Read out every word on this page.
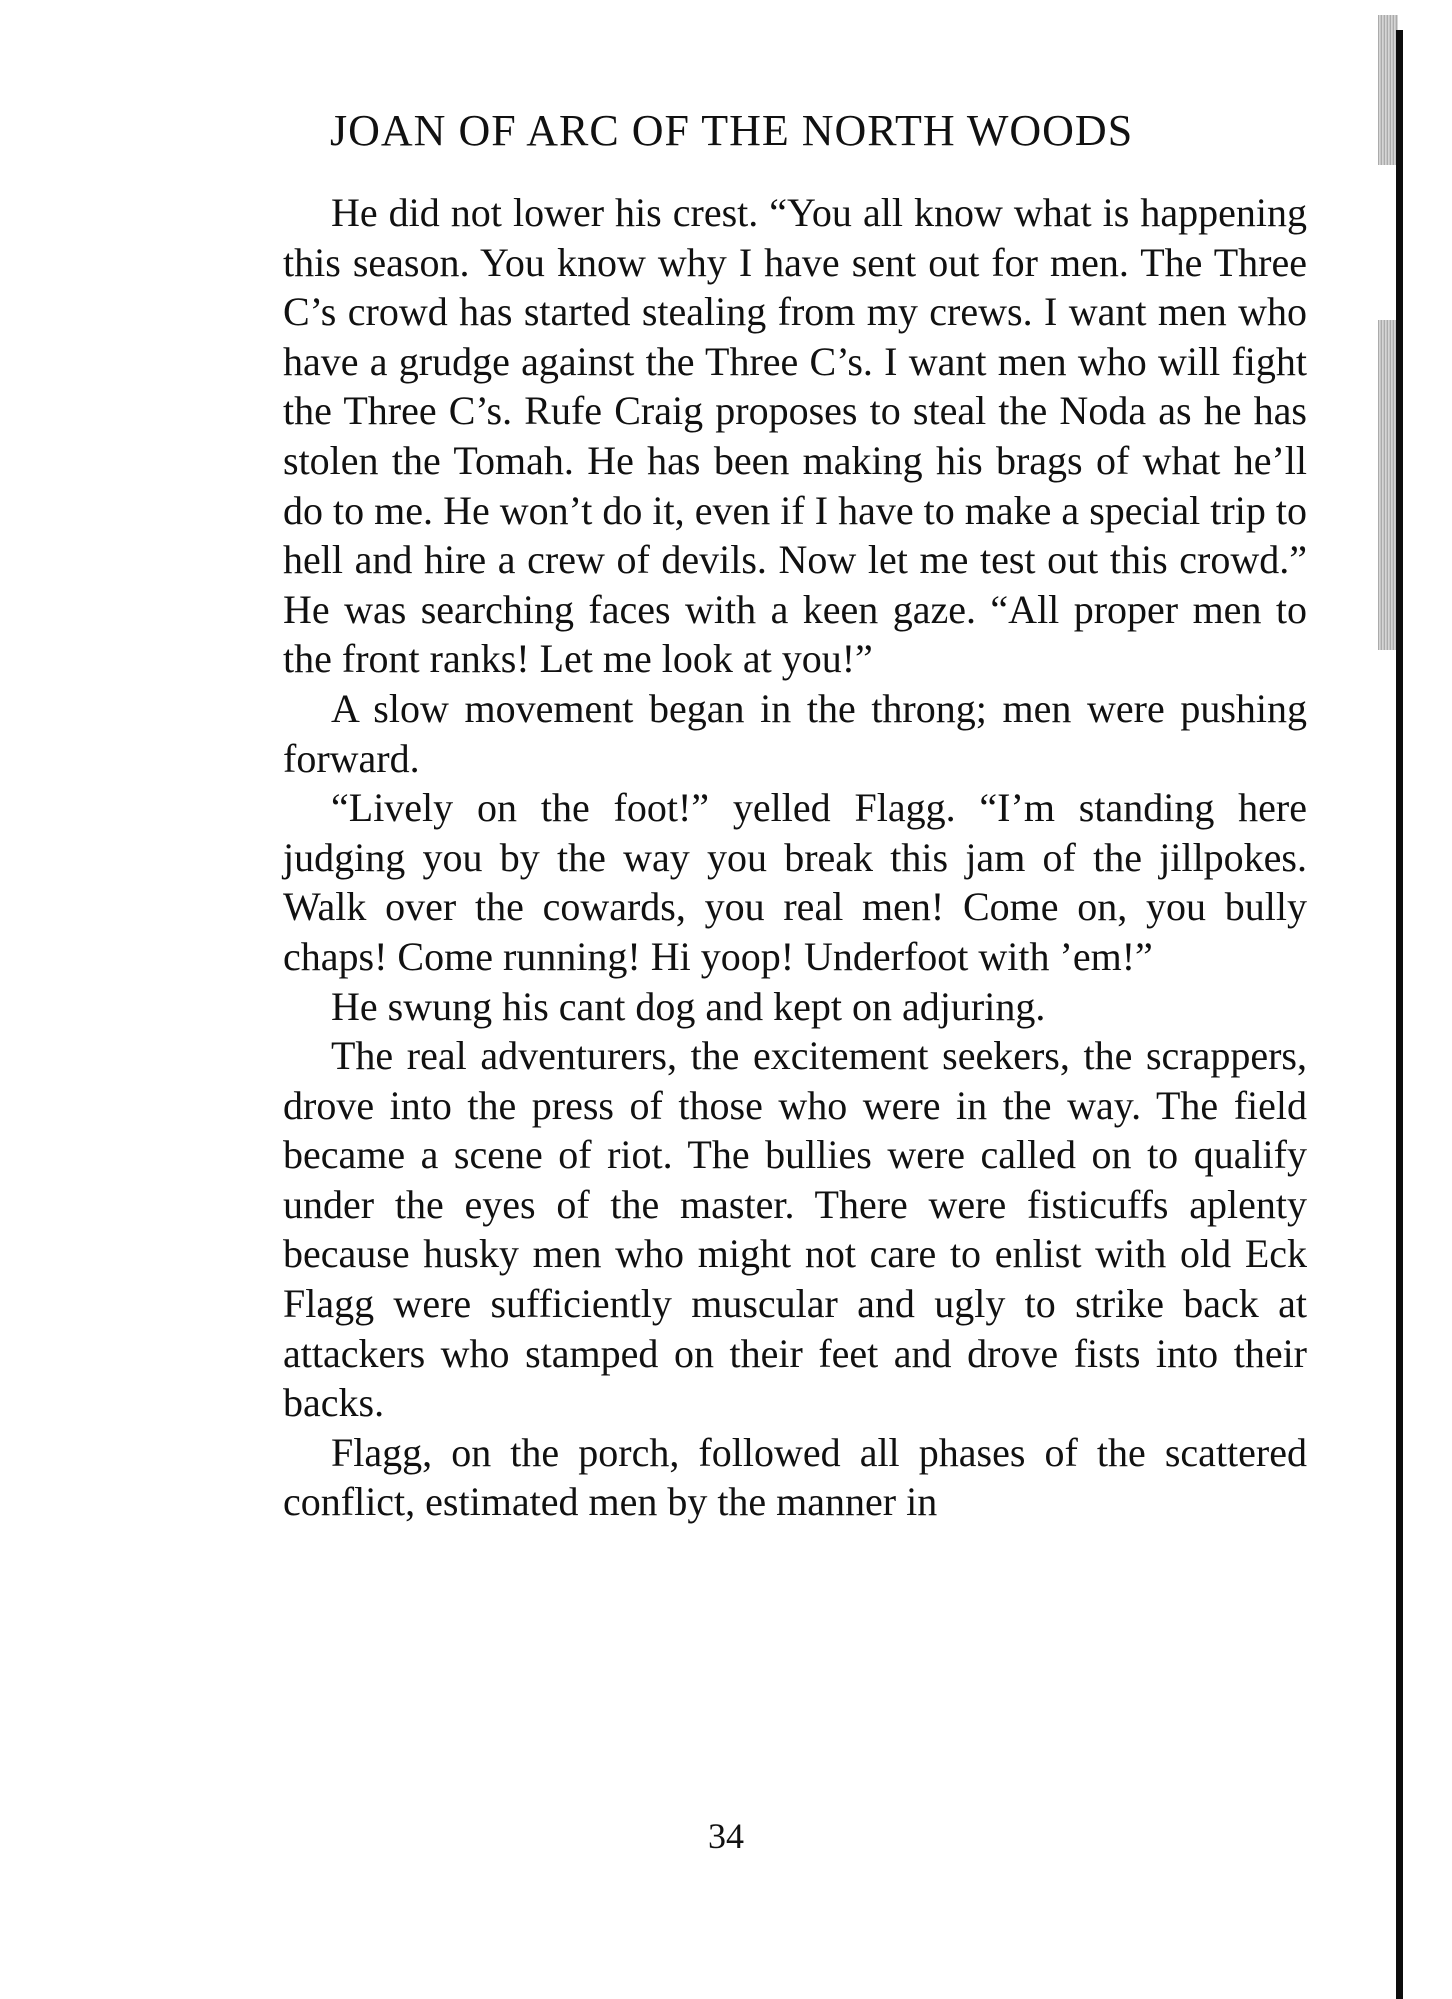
JOAN OF ARC OF THE NORTH WOODS

He did not lower his crest. “You all know what is happening this season. You know why I have sent out for men. The Three C’s crowd has started stealing from my crews. I want men who have a grudge against the Three C’s. I want men who will fight the Three C’s. Rufe Craig proposes to steal the Noda as he has stolen the Tomah. He has been making his brags of what he’ll do to me. He won’t do it, even if I have to make a special trip to hell and hire a crew of devils. Now let me test out this crowd.” He was searching faces with a keen gaze. “All proper men to the front ranks! Let me look at you!”

A slow movement began in the throng; men were pushing forward.

“Lively on the foot!” yelled Flagg. “I’m standing here judging you by the way you break this jam of the jillpokes. Walk over the cowards, you real men! Come on, you bully chaps! Come running! Hi yoop! Underfoot with ’em!”

He swung his cant dog and kept on adjuring.

The real adventurers, the excitement seekers, the scrappers, drove into the press of those who were in the way. The field became a scene of riot. The bullies were called on to qualify under the eyes of the master. There were fisticuffs aplenty because husky men who might not care to enlist with old Eck Flagg were sufficiently muscular and ugly to strike back at attackers who stamped on their feet and drove fists into their backs.

Flagg, on the porch, followed all phases of the scattered conflict, estimated men by the manner in

34
